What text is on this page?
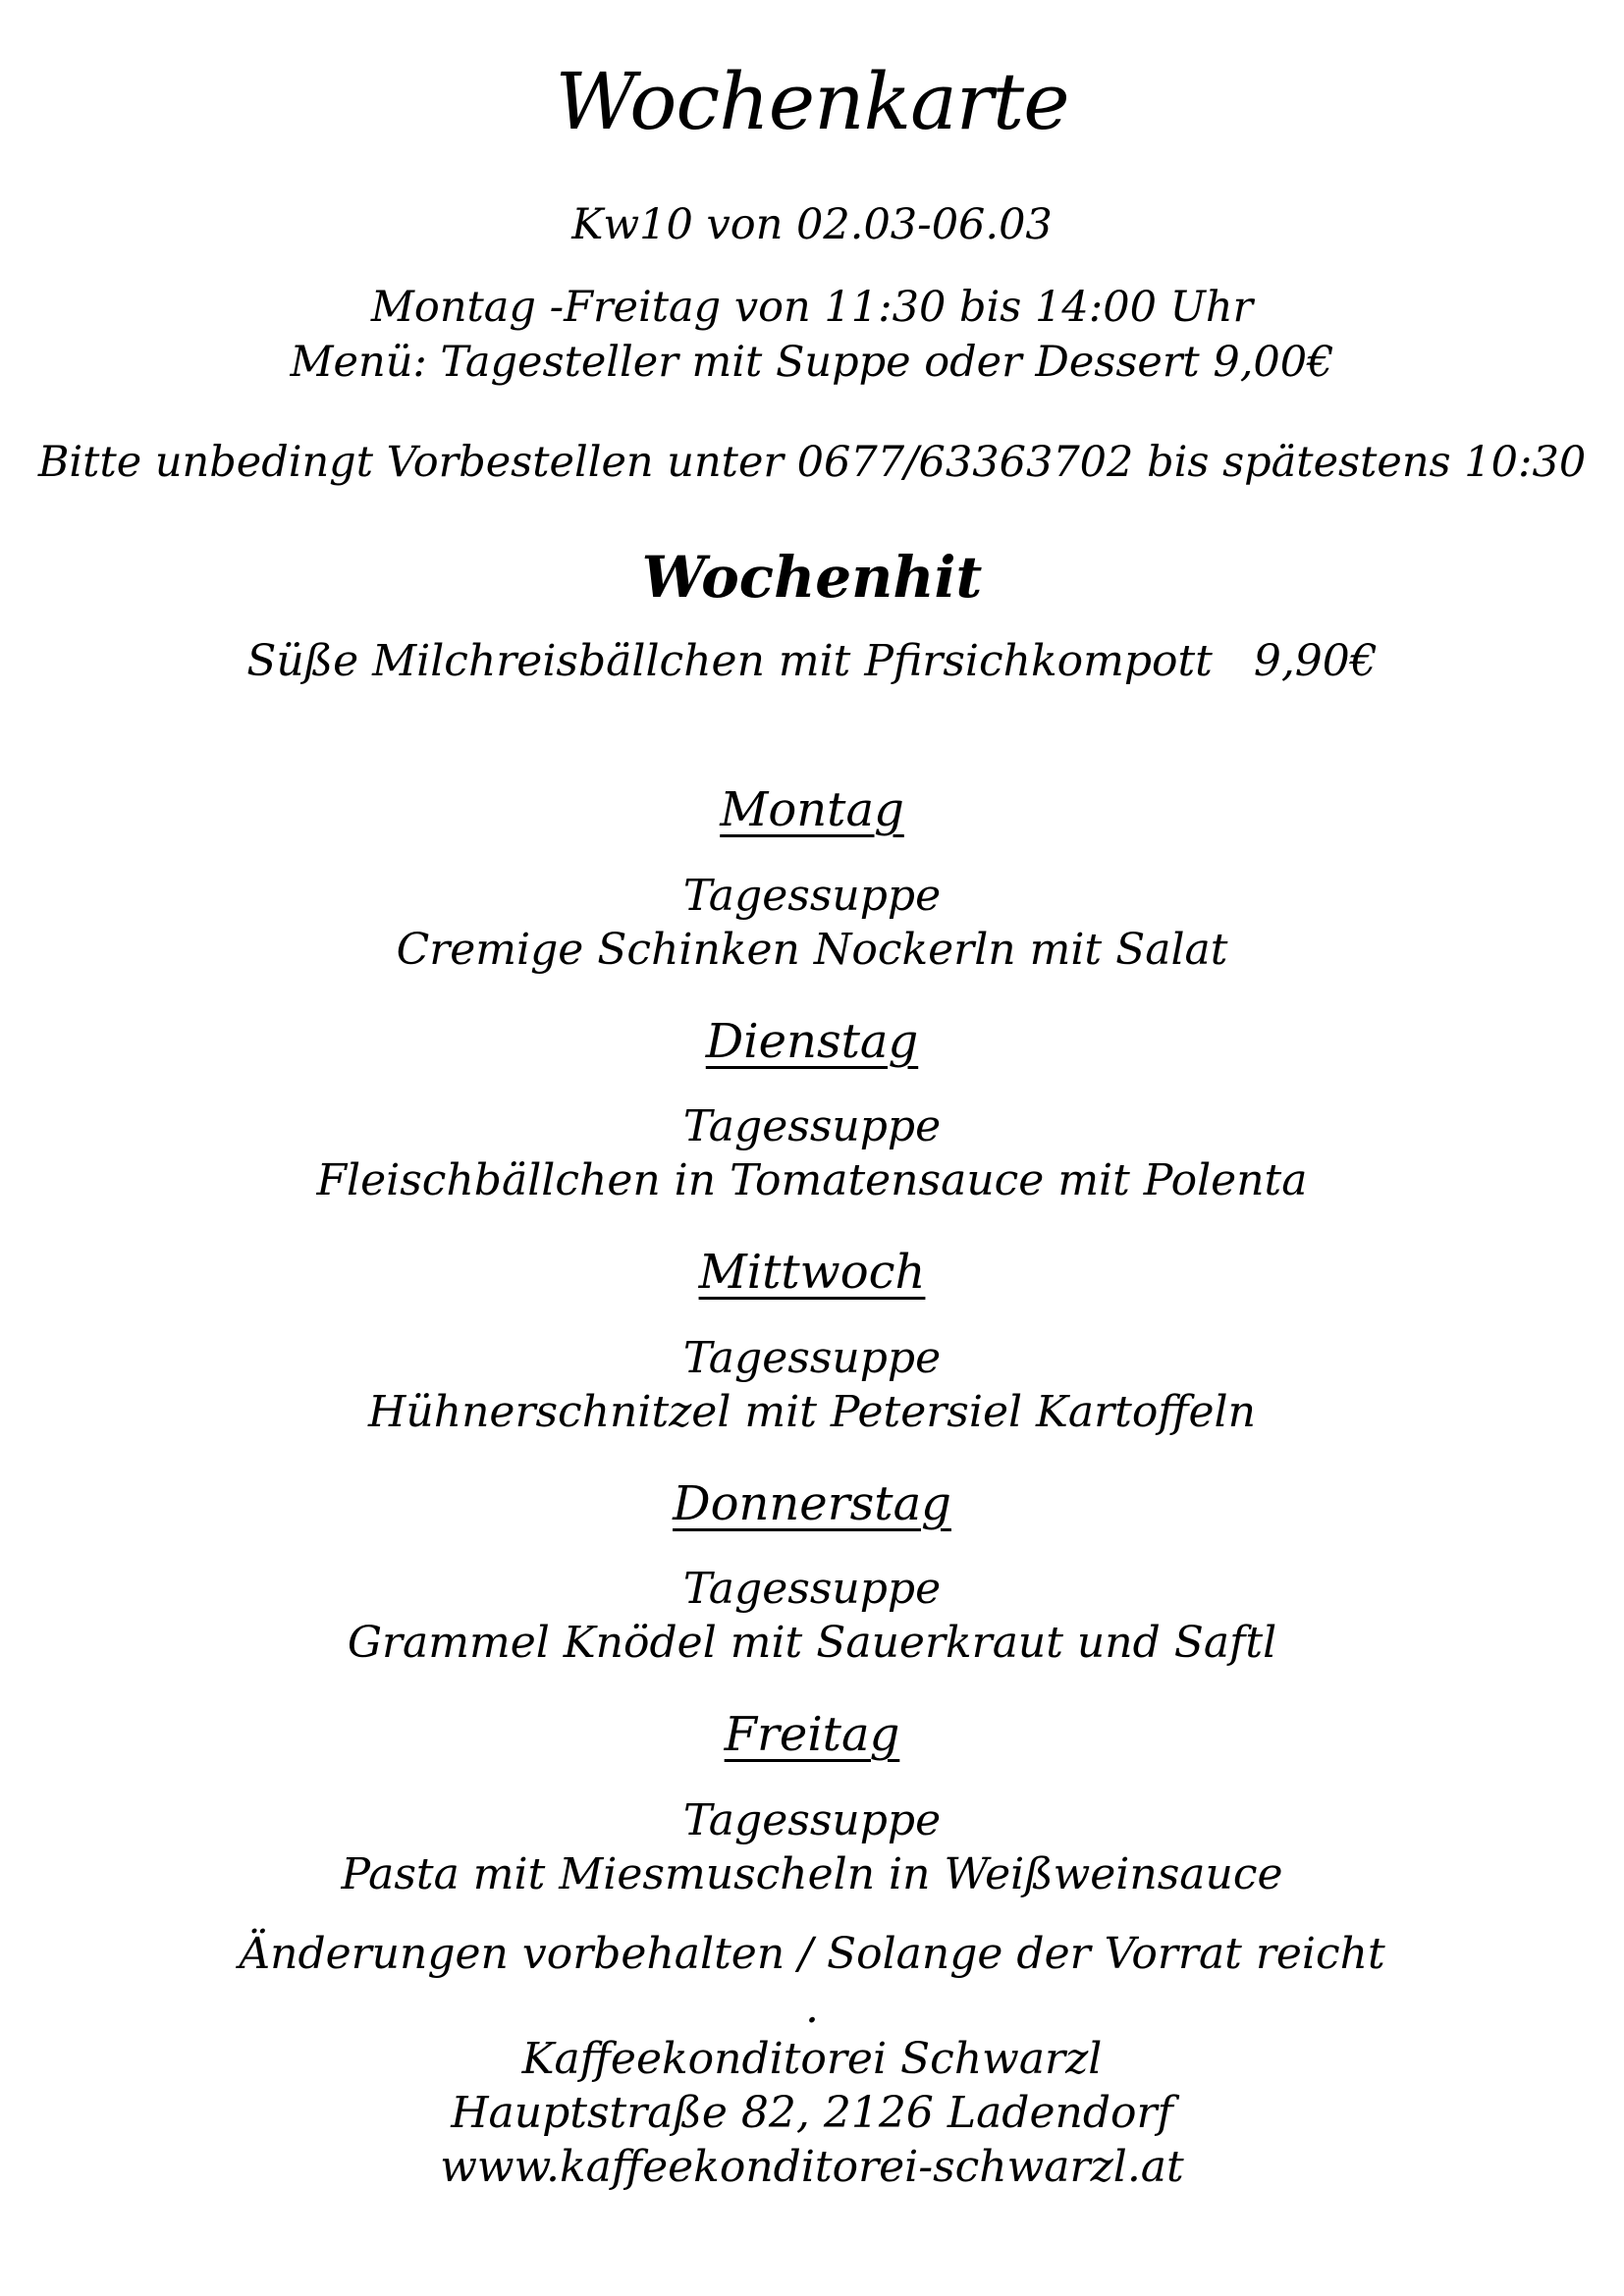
Wochenkarte
Kw10 von 02.03-06.03
Montag -Freitag von 11:30 bis 14:00 Uhr
Menü: Tagesteller mit Suppe oder Dessert 9,00€
Bitte unbedingt Vorbestellen unter 0677/63363702 bis spätestens 10:30
Wochenhit
Süße Milchreisbällchen mit Pfirsichkompott   9,90€
Montag
Tagessuppe
Cremige Schinken Nockerln mit Salat
Dienstag
Tagessuppe
Fleischbällchen in Tomatensauce mit Polenta
Mittwoch
Tagessuppe
Hühnerschnitzel mit Petersiel Kartoffeln
Donnerstag
Tagessuppe
Grammel Knödel mit Sauerkraut und Saftl
Freitag
Tagessuppe
Pasta mit Miesmuscheln in Weißweinsauce
Änderungen vorbehalten / Solange der Vorrat reicht
.
Kaffeekonditorei Schwarzl
Hauptstraße 82, 2126 Ladendorf
www.kaffeekonditorei-schwarzl.at
